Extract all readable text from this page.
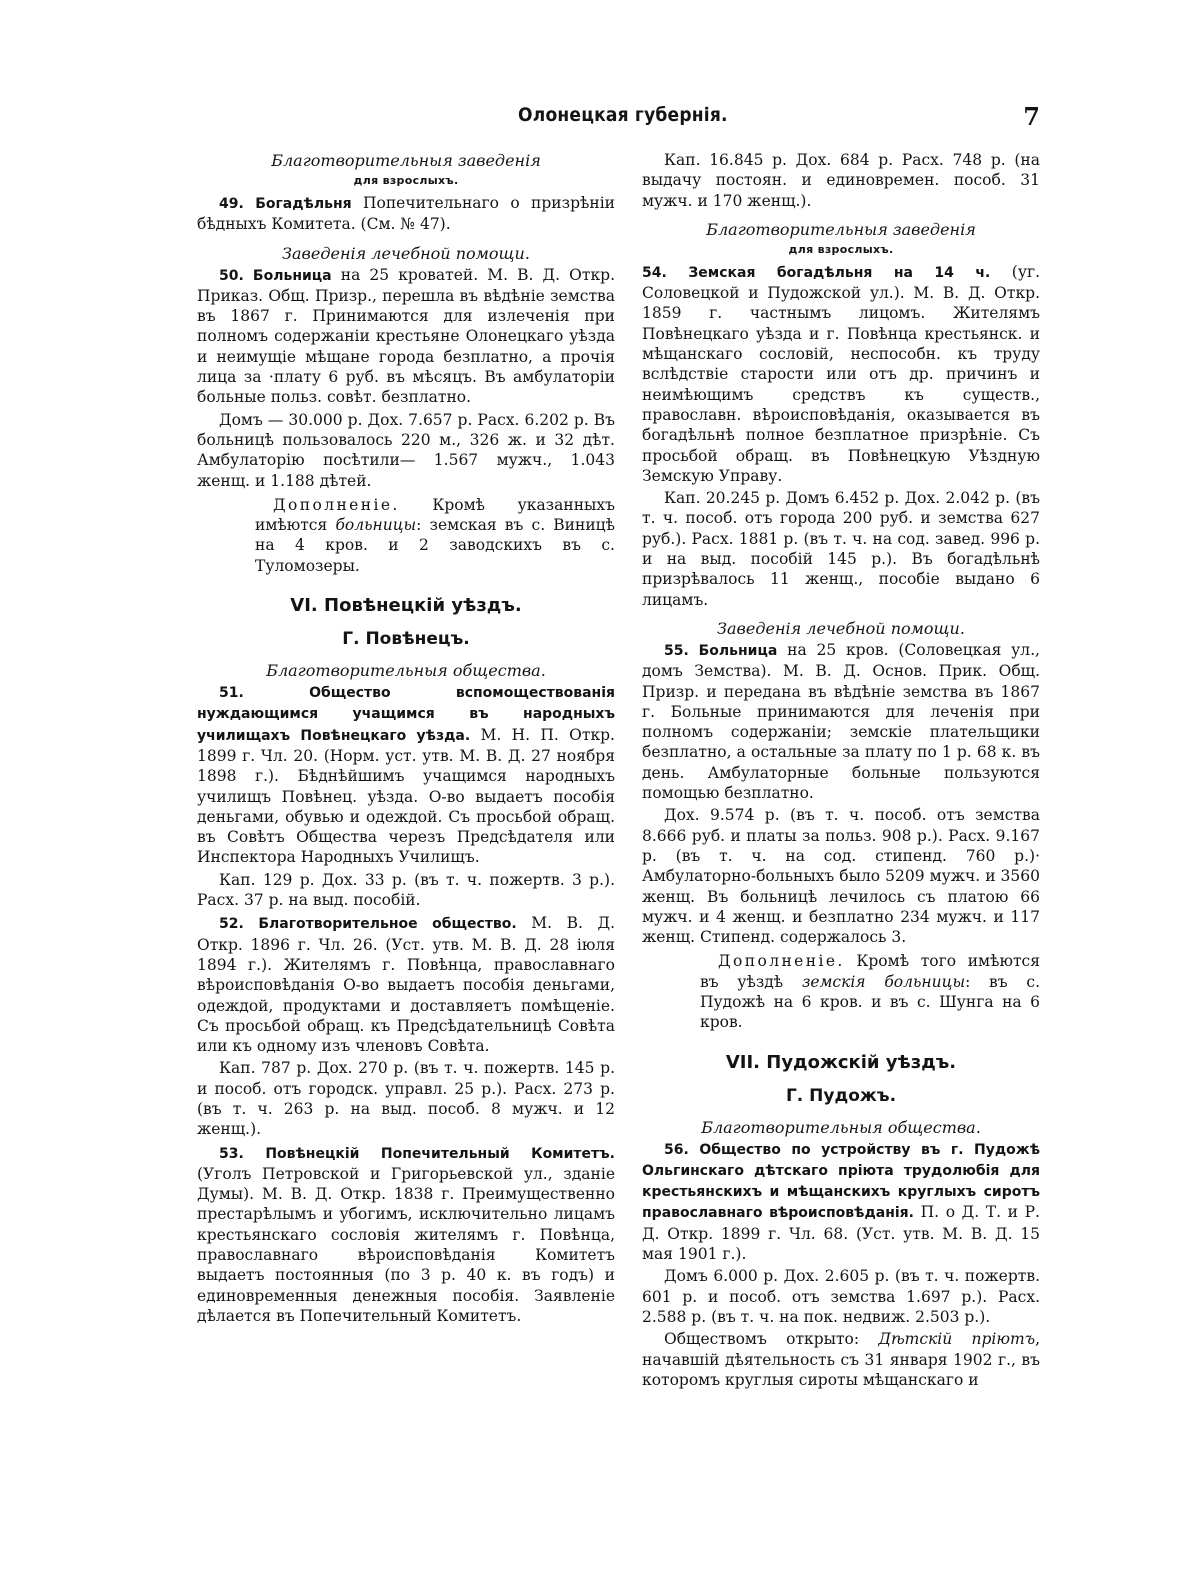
Олонецкая губернія.	7
Благотворительныя заведенія
для взрослыхъ.

49. Богадѣльня Попечительнаго о призрѣніи бѣдныхъ Комитета. (См. № 47).

Заведенія лечебной помощи.

50. Больница на 25 кроватей. М. В. Д. Откр. Приказ. Общ. Призр., перешла въ вѣдѣніе земства въ 1867 г. Принимаются для излеченія при полномъ содержаніи крестьяне Олонецкаго уѣзда и неимущіе мѣщане города безплатно, а прочія лица за ·плату 6 руб. въ мѣсяцъ. Въ амбулаторіи больные польз. совѣт. безплатно.

Домъ — 30.000 р. Дох. 7.657 р. Расх. 6.202 р. Въ больницѣ пользовалось 220 м., 326 ж. и 32 дѣт. Амбулаторію посѣтили— 1.567 мужч., 1.043 женщ. и 1.188 дѣтей.

Дополненіе. Кромѣ указанныхъ имѣются больницы: земская въ с. Виницѣ на 4 кров. и 2 заводскихъ въ с. Туломозеры.

VI. Повѣнецкій уѣздъ.
Г. Повѣнецъ.
Благотворительныя общества.

51.	Общество вспомоществованія нуждающимся учащимся въ народныхъ училищахъ Повѣнецкаго уѣзда. М. Н. П. Откр. 1899 г. Чл. 20. (Норм. уст. утв. М. В. Д. 27 ноября 1898 г.). Бѣднѣйшимъ учащимся народныхъ училищъ Повѣнец. уѣзда. О-во выдаетъ пособія деньгами, обувью и одеждой. Съ просьбой обращ. въ Совѣтъ Общества черезъ Предсѣдателя или Инспектора Народныхъ Училищъ.

Кап. 129 р. Дох. 33 р. (въ т. ч. пожертв. 3 р.). Расх. 37 р. на выд. пособій.

52. Благотворительное общество. М. В. Д. Откр. 1896 г. Чл. 26. (Уст. утв. М. В. Д. 28 іюля 1894 г.). Жителямъ г. Повѣнца, православнаго вѣроисповѣданія О-во выдаетъ пособія деньгами, одеждой, продуктами и доставляетъ помѣщеніе. Съ просьбой обращ. къ Предсѣдательницѣ Совѣта или къ одному изъ членовъ Совѣта.

Кап. 787 р. Дох. 270 р. (въ т. ч. пожертв. 145 р. и пособ. отъ городск. управл. 25 р.). Расх. 273 р. (въ т. ч. 263 р. на выд. пособ. 8 мужч. и 12 женщ.).

53. Повѣнецкій Попечительный Комитетъ. (Уголъ Петровской и Григорьевской ул., зданіе Думы). М. В. Д. Откр. 1838 г. Преимущественно престарѣлымъ и убогимъ, исключительно лицамъ крестьянскаго сословія жителямъ г. Повѣнца, православнаго вѣроисповѣданія Комитетъ выдаетъ постоянныя (по 3 р. 40 к. въ годъ) и единовременныя денежныя пособія. Заявленіе дѣлается въ Попечительный Комитетъ.

Кап. 16.845 р. Дох. 684 р. Расх. 748 р. (на выдачу постоян. и единовремен. пособ. 31 мужч. и 170 женщ.).

Благотворительныя заведенія
для взрослыхъ.

54. Земская богадѣльня на 14 ч. (уг. Соловецкой и Пудожской ул.). М. В. Д. Откр. 1859 г. частнымъ лицомъ. Жителямъ Повѣнецкаго уѣзда и г. Повѣнца крестьянск. и мѣщанскаго сословій, неспособн. къ труду вслѣдствіе старости или отъ др. причинъ и неимѣющимъ средствъ къ существ., православн. вѣроисповѣданія, оказывается въ богадѣльнѣ полное безплатное призрѣніе. Съ просьбой обращ. въ Повѣнецкую Уѣздную Земскую Управу.

Кап. 20.245 р. Домъ 6.452 р. Дох. 2.042 р. (въ т. ч. пособ. отъ города 200 руб. и земства 627 руб.). Расх. 1881 р. (въ т. ч. на сод. завед. 996 р. и на выд. пособій 145 р.). Въ богадѣльнѣ призрѣвалось 11 женщ., пособіе выдано 6 лицамъ.

Заведенія лечебной помощи.

55. Больница на 25 кров. (Соловецкая ул., домъ Земства). М. В. Д. Основ. Прик. Общ. Призр. и передана въ вѣдѣніе земства въ 1867 г. Больные принимаются для леченія при полномъ содержаніи; земскіе плательщики безплатно, а остальные за плату по 1 р. 68 к. въ день. Амбулаторные больные пользуются помощью безплатно.

Дох. 9.574 р. (въ т. ч. пособ. отъ земства 8.666 руб. и платы за польз. 908 р.). Расх. 9.167 р. (въ т. ч. на сод. стипенд. 760 р.)· Амбулаторно-больныхъ было 5209 мужч. и 3560 женщ. Въ больницѣ лечилось съ платою 66 мужч. и 4 женщ. и безплатно 234 мужч. и 117 женщ. Стипенд. содержалось 3.

Дополненіе. Кромѣ того имѣются въ уѣздѣ земскія больницы: въ с. Пудожѣ на 6 кров. и въ с. Шунга на 6 кров.

VII. Пудожскій уѣздъ.
Г. Пудожъ.
Благотворительныя общества.

56. Общество по устройству въ г. Пудожѣ Ольгинскаго дѣтскаго пріюта трудолюбія для крестьянскихъ и мѣщанскихъ круглыхъ сиротъ православнаго вѣроисповѣданія. П. о Д. Т. и Р. Д. Откр. 1899 г. Чл. 68. (Уст. утв. М. В. Д. 15 мая 1901 г.).

Домъ 6.000 р. Дох. 2.605 р. (въ т. ч. пожертв. 601 р. и пособ. отъ земства 1.697 р.). Расх. 2.588 р. (въ т. ч. на пок. недвиж. 2.503 р.).

Обществомъ открыто: Дѣтскій пріютъ, начавшій дѣятельность съ 31 января 1902 г., въ которомъ круглыя сироты мѣщанскаго и
